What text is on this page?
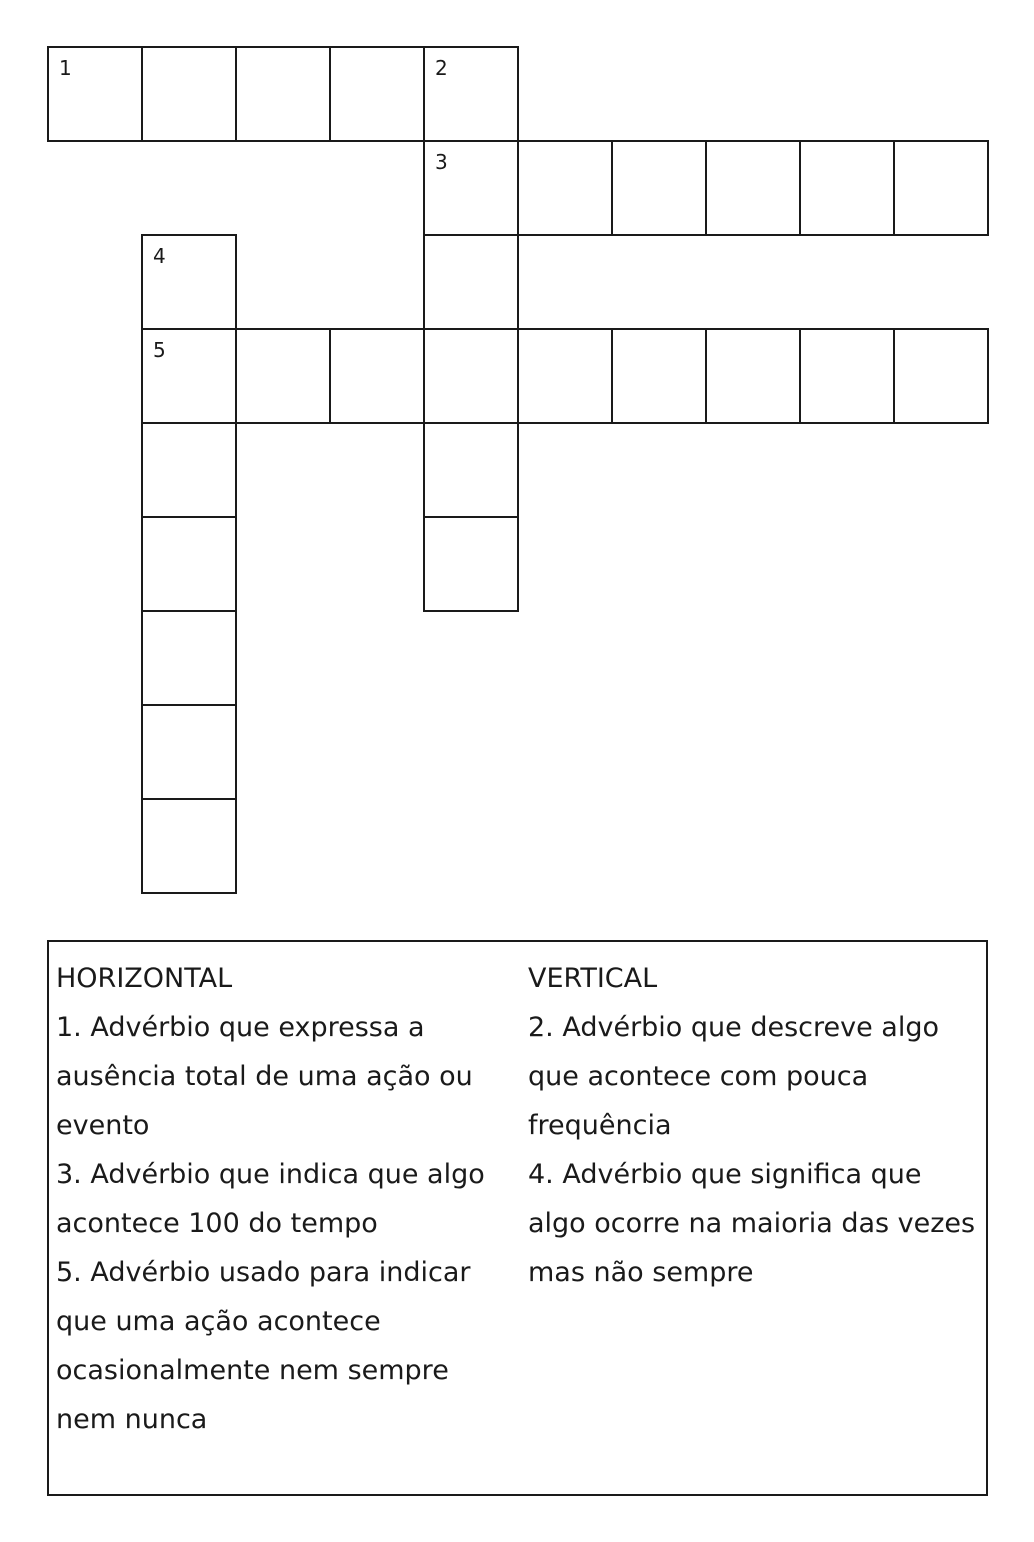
1	2
3
4
5

HORIZONTAL

1. Advérbio que expressa a ausência total de uma ação ou evento

3. Advérbio que indica que algo acontece 100 do tempo

5. Advérbio usado para indicar que uma ação acontece ocasionalmente nem sempre nem nunca

VERTICAL

2. Advérbio que descreve algo que acontece com pouca frequência

4. Advérbio que significa que algo ocorre na maioria das vezes mas não sempre
